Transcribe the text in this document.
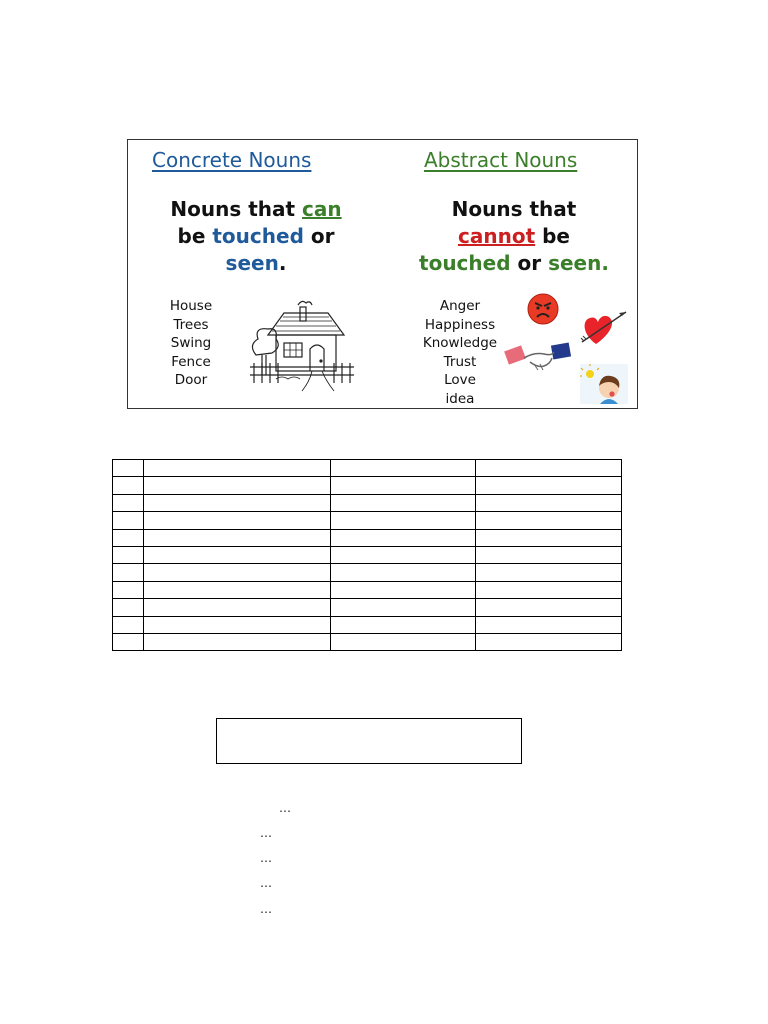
Concrete Nouns	Abstract Nouns
Nouns that can
be touched or
seen.
Nouns that
cannot be
touched or seen.
House
Trees
Swing
Fence
Door
Anger
Happiness
Knowledge
Trust
Love
idea

…
…
…
…
…
